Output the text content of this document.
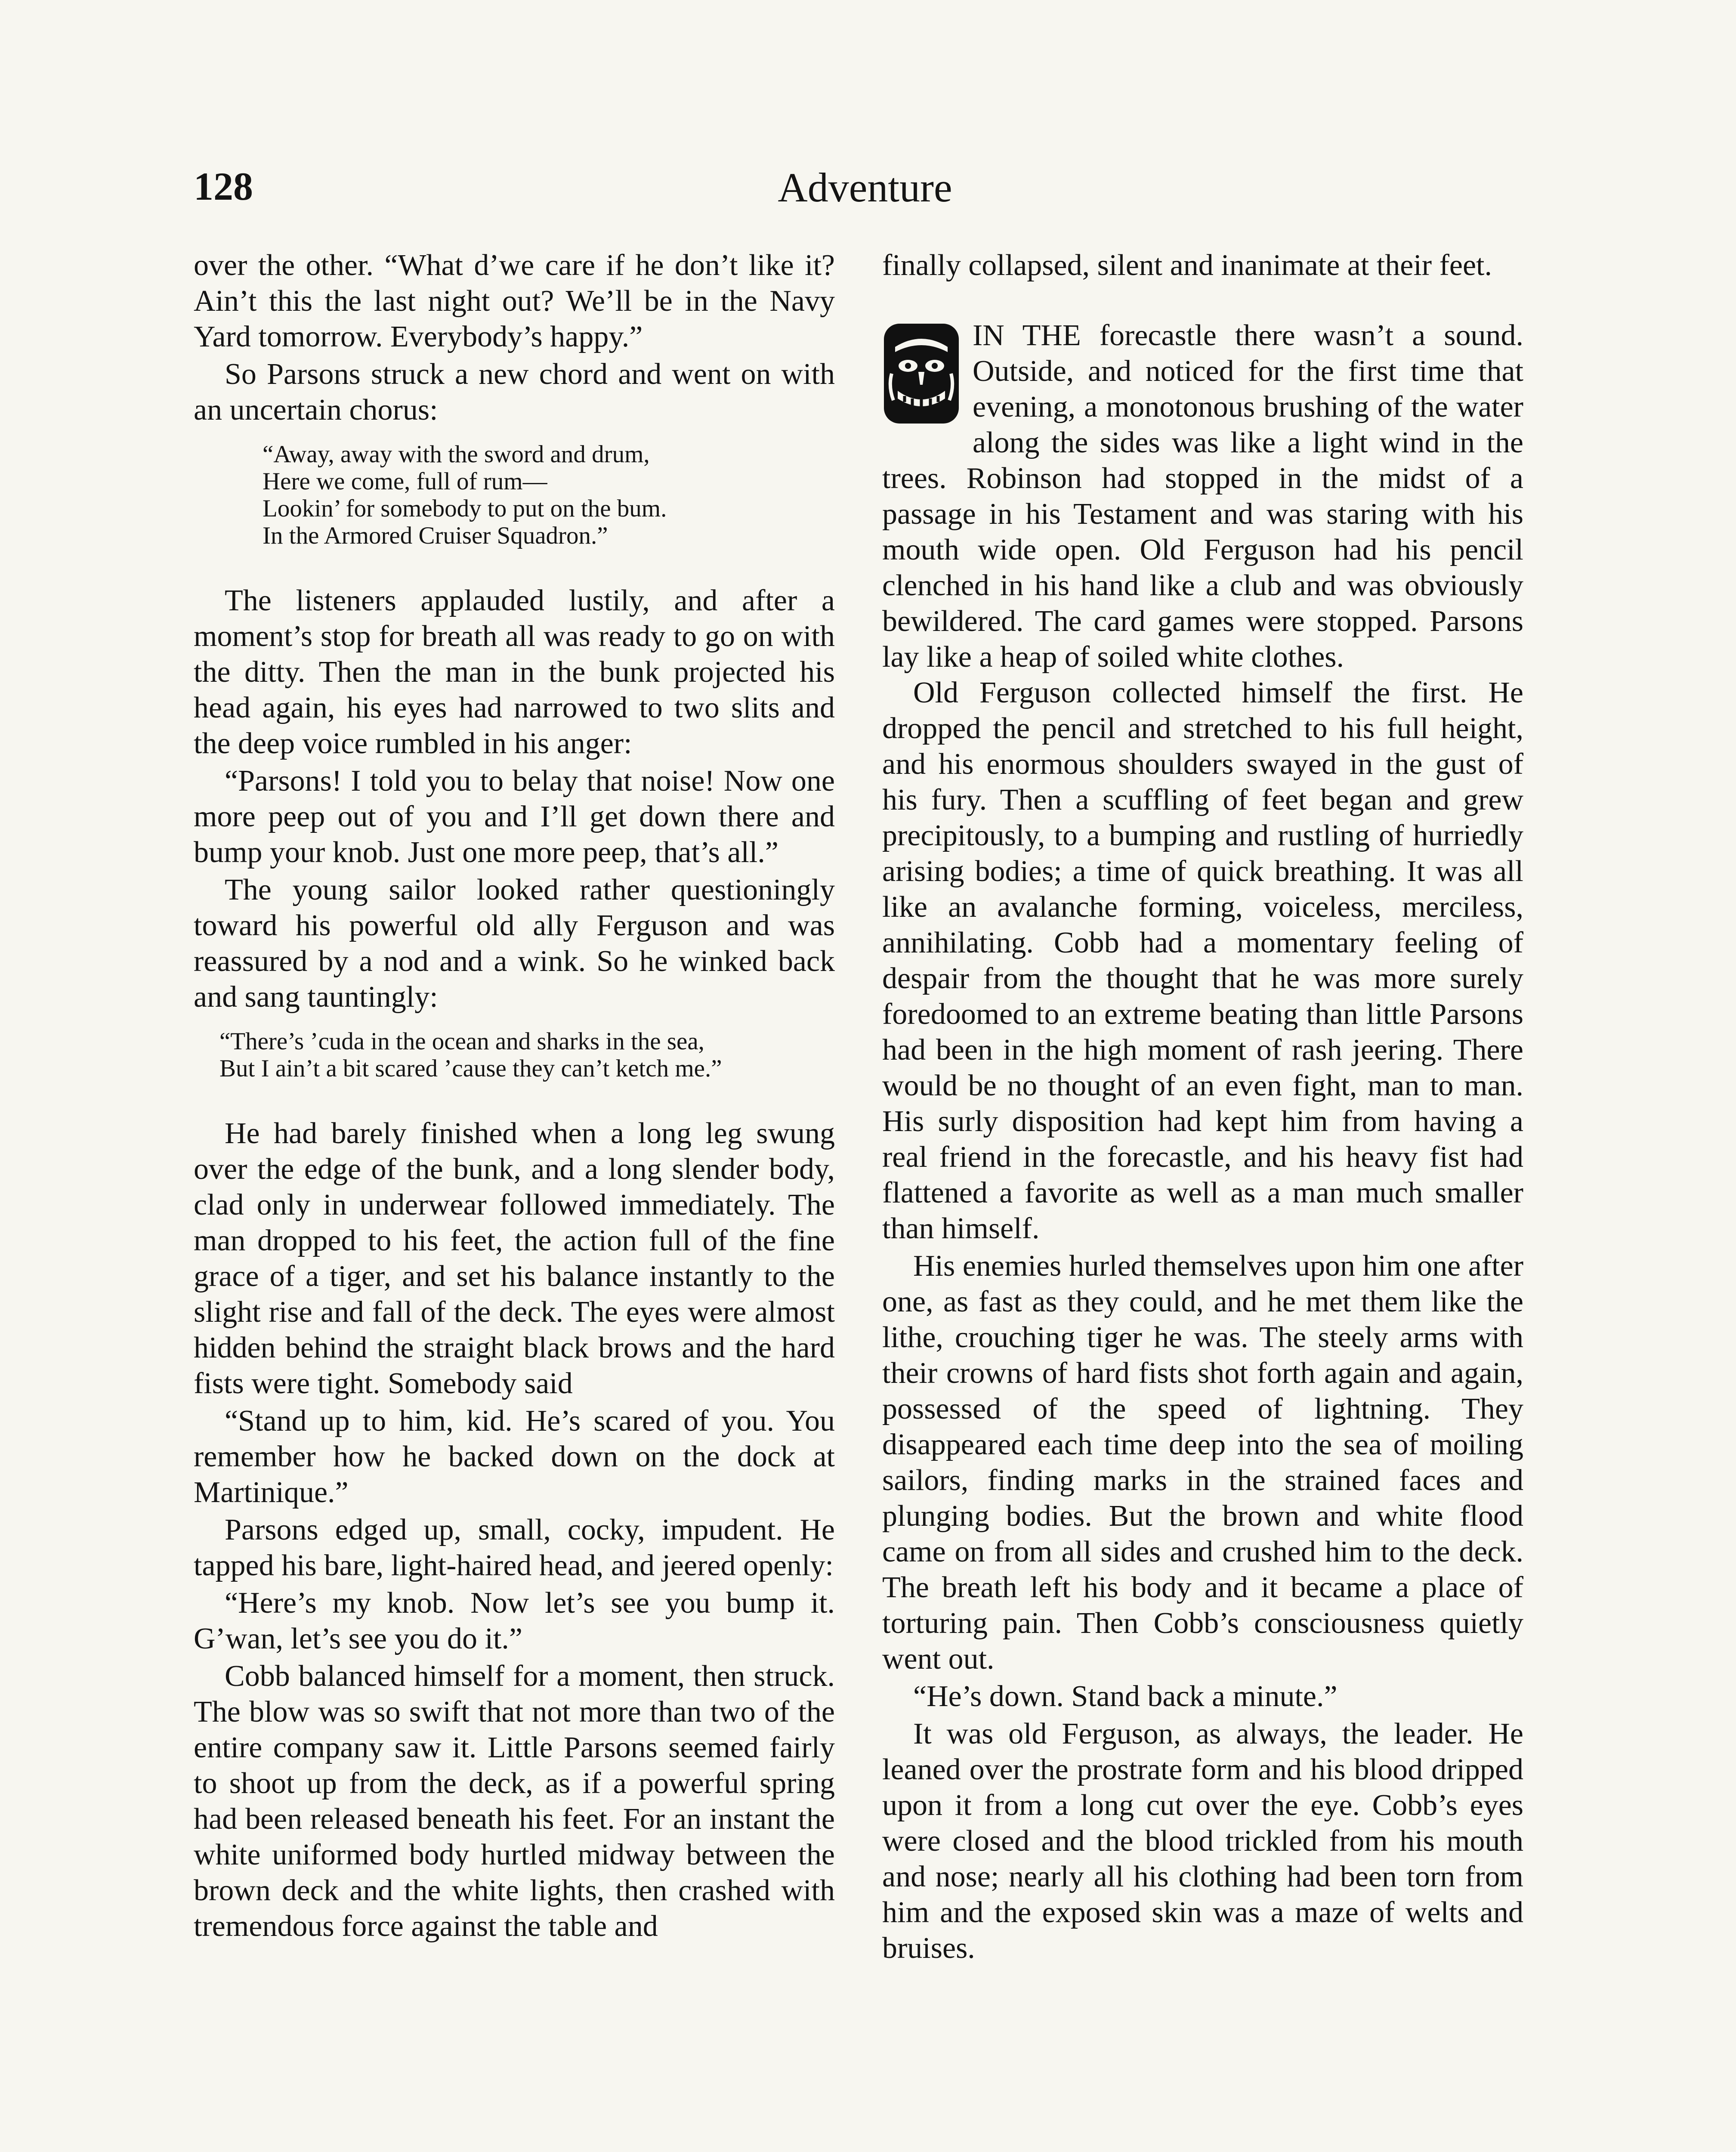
128	Adventure

over the other. “What d’we care if he don’t like it? Ain’t this the last night out? We’ll be in the Navy Yard tomorrow. Everybody’s happy.”

So Parsons struck a new chord and went on with an uncertain chorus:

“Away, away with the sword and drum,
Here we come, full of rum—
Lookin’ for somebody to put on the bum.
In the Armored Cruiser Squadron.”

The listeners applauded lustily, and after a moment’s stop for breath all was ready to go on with the ditty. Then the man in the bunk projected his head again, his eyes had narrowed to two slits and the deep voice rumbled in his anger:

“Parsons! I told you to belay that noise! Now one more peep out of you and I’ll get down there and bump your knob. Just one more peep, that’s all.”

The young sailor looked rather questioningly toward his powerful old ally Ferguson and was reassured by a nod and a wink. So he winked back and sang tauntingly:

“There’s ’cuda in the ocean and sharks in the sea,
But I ain’t a bit scared ’cause they can’t ketch me.”

He had barely finished when a long leg swung over the edge of the bunk, and a long slender body, clad only in underwear followed immediately. The man dropped to his feet, the action full of the fine grace of a tiger, and set his balance instantly to the slight rise and fall of the deck. The eyes were almost hidden behind the straight black brows and the hard fists were tight. Somebody said

“Stand up to him, kid. He’s scared of you. You remember how he backed down on the dock at Martinique.”

Parsons edged up, small, cocky, impudent. He tapped his bare, light-haired head, and jeered openly:

“Here’s my knob. Now let’s see you bump it. G’wan, let’s see you do it.”

Cobb balanced himself for a moment, then struck. The blow was so swift that not more than two of the entire company saw it. Little Parsons seemed fairly to shoot up from the deck, as if a powerful spring had been released beneath his feet. For an instant the white uniformed body hurtled midway between the brown deck and the white lights, then crashed with tremendous force against the table and

finally collapsed, silent and inanimate at their feet.

IN THE forecastle there wasn’t a sound. Outside, and noticed for the first time that evening, a monotonous brushing of the water along the sides was like a light wind in the trees. Robinson had stopped in the midst of a passage in his Testament and was staring with his mouth wide open. Old Ferguson had his pencil clenched in his hand like a club and was obviously bewildered. The card games were stopped. Parsons lay like a heap of soiled white clothes.

Old Ferguson collected himself the first. He dropped the pencil and stretched to his full height, and his enormous shoulders swayed in the gust of his fury. Then a scuffling of feet began and grew precipitously, to a bumping and rustling of hurriedly arising bodies; a time of quick breathing. It was all like an avalanche forming, voiceless, merciless, annihilating. Cobb had a momentary feeling of despair from the thought that he was more surely foredoomed to an extreme beating than little Parsons had been in the high moment of rash jeering. There would be no thought of an even fight, man to man. His surly disposition had kept him from having a real friend in the forecastle, and his heavy fist had flattened a favorite as well as a man much smaller than himself.

His enemies hurled themselves upon him one after one, as fast as they could, and he met them like the lithe, crouching tiger he was. The steely arms with their crowns of hard fists shot forth again and again, possessed of the speed of lightning. They disappeared each time deep into the sea of moiling sailors, finding marks in the strained faces and plunging bodies. But the brown and white flood came on from all sides and crushed him to the deck. The breath left his body and it became a place of torturing pain. Then Cobb’s consciousness quietly went out.

“He’s down. Stand back a minute.”

It was old Ferguson, as always, the leader. He leaned over the prostrate form and his blood dripped upon it from a long cut over the eye. Cobb’s eyes were closed and the blood trickled from his mouth and nose; nearly all his clothing had been torn from him and the exposed skin was a maze of welts and bruises.
